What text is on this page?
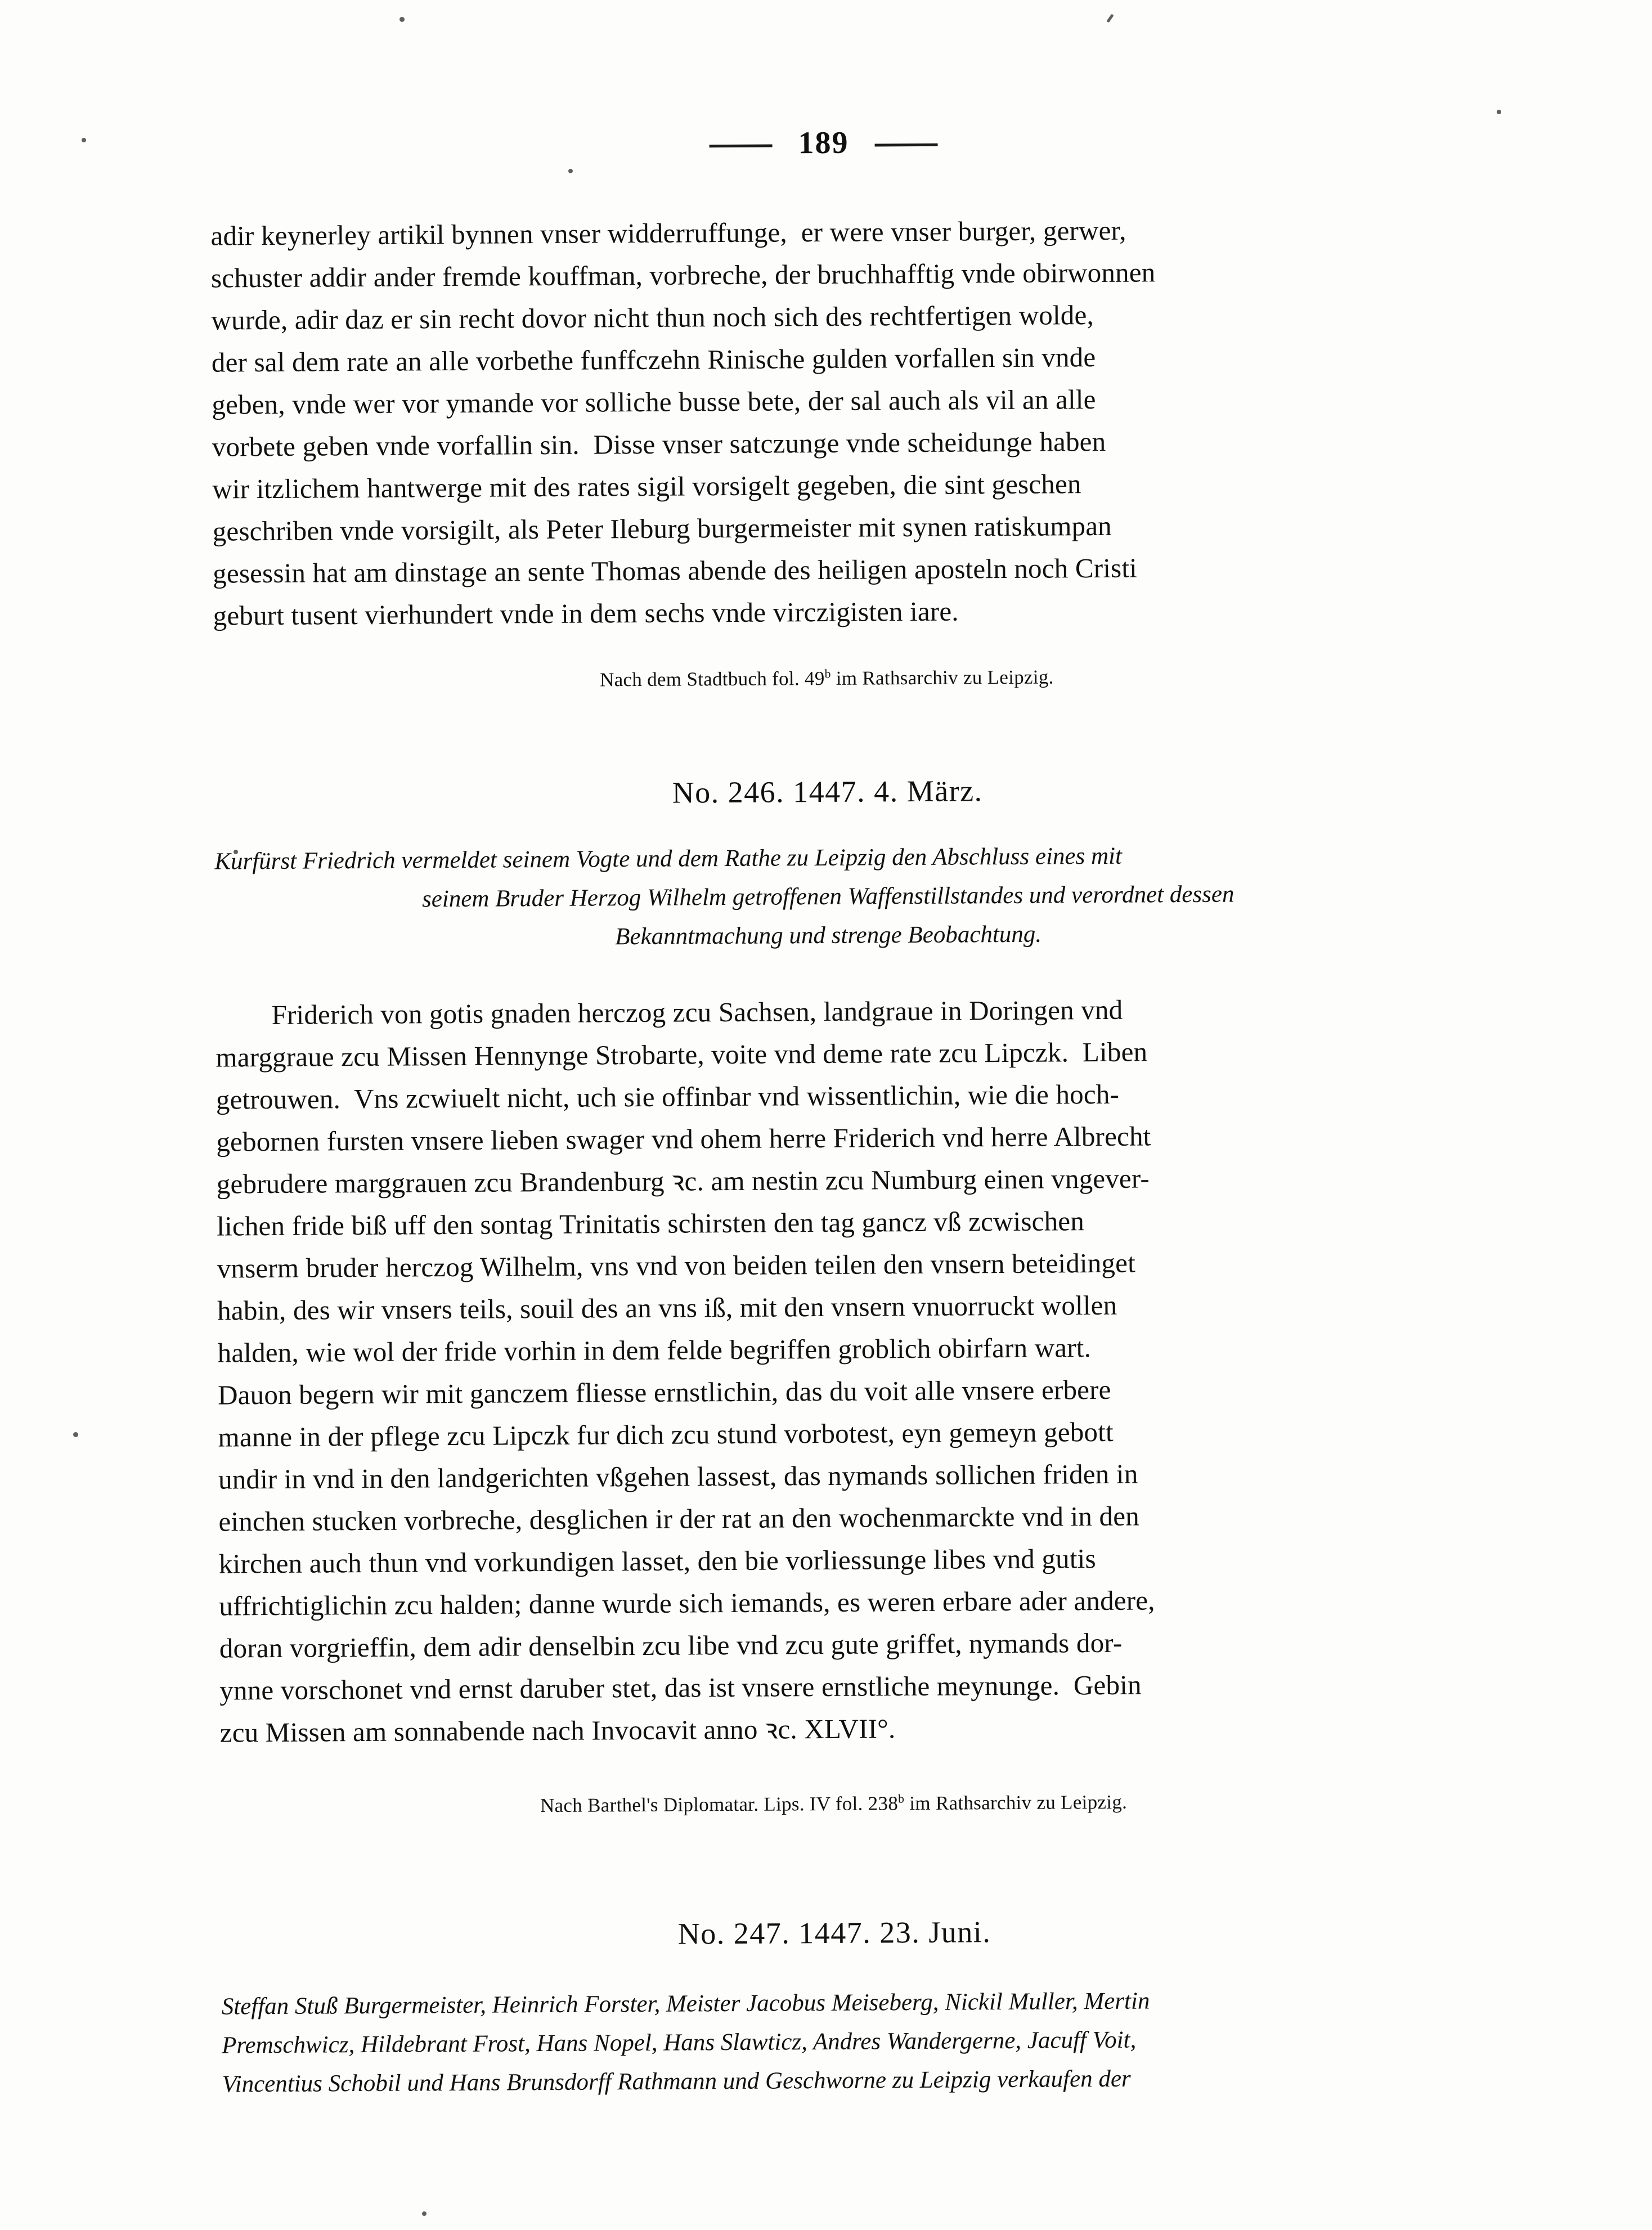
189
adir keynerley artikil bynnen vnser widderruffunge,  er were vnser burger, gerwer,
schuster addir ander fremde kouffman, vorbreche, der bruchhafftig vnde obirwonnen
wurde, adir daz er sin recht dovor nicht thun noch sich des rechtfertigen wolde,
der sal dem rate an alle vorbethe funffczehn Rinische gulden vorfallen sin vnde
geben, vnde wer vor ymande vor solliche busse bete, der sal auch als vil an alle
vorbete geben vnde vorfallin sin.  Disse vnser satczunge vnde scheidunge haben
wir itzlichem hantwerge mit des rates sigil vorsigelt gegeben, die sint geschen
geschriben vnde vorsigilt, als Peter Ileburg burgermeister mit synen ratiskumpan
gesessin hat am dinstage an sente Thomas abende des heiligen aposteln noch Cristi
geburt tusent vierhundert vnde in dem sechs vnde virczigisten iare.
Nach dem Stadtbuch fol. 49$^b$ im Rathsarchiv zu Leipzig.
No. 246. 1447. 4. März.
Kurfürst Friedrich vermeldet seinem Vogte und dem Rathe zu Leipzig den Abschluss eines mit
seinem Bruder Herzog Wilhelm getroffenen Waffenstillstandes und verordnet dessen
Bekanntmachung und strenge Beobachtung.
Friderich von gotis gnaden herczog zcu Sachsen, landgraue in Doringen vnd
marggraue zcu Missen Hennynge Strobarte, voite vnd deme rate zcu Lipczk.  Liben
getrouwen.  Vns zcwiuelt nicht, uch sie offinbar vnd wissentlichin, wie die hoch-
gebornen fursten vnsere lieben swager vnd ohem herre Friderich vnd herre Albrecht
gebrudere marggrauen zcu Brandenburg ꝛc. am nestin zcu Numburg einen vngever-
lichen fride biß uff den sontag Trinitatis schirsten den tag gancz vß zcwischen
vnserm bruder herczog Wilhelm, vns vnd von beiden teilen den vnsern beteidinget
habin, des wir vnsers teils, souil des an vns iß, mit den vnsern vnuorruckt wollen
halden, wie wol der fride vorhin in dem felde begriffen groblich obirfarn wart.
Dauon begern wir mit ganczem fliesse ernstlichin, das du voit alle vnsere erbere
manne in der pflege zcu Lipczk fur dich zcu stund vorbotest, eyn gemeyn gebott
undir in vnd in den landgerichten vßgehen lassest, das nymands sollichen friden in
einchen stucken vorbreche, desglichen ir der rat an den wochenmarckte vnd in den
kirchen auch thun vnd vorkundigen lasset, den bie vorliessunge libes vnd gutis
uffrichtiglichin zcu halden; danne wurde sich iemands, es weren erbare ader andere,
doran vorgrieffin, dem adir denselbin zcu libe vnd zcu gute griffet, nymands dor-
ynne vorschonet vnd ernst daruber stet, das ist vnsere ernstliche meynunge.  Gebin
zcu Missen am sonnabende nach Invocavit anno ꝛc. XLVII°.
Nach Barthel's Diplomatar. Lips. IV fol. 238$^b$ im Rathsarchiv zu Leipzig.
No. 247. 1447. 23. Juni.
Steffan Stuß Burgermeister, Heinrich Forster, Meister Jacobus Meiseberg, Nickil Muller, Mertin
Premschwicz, Hildebrant Frost, Hans Nopel, Hans Slawticz, Andres Wandergerne, Jacuff Voit,
Vincentius Schobil und Hans Brunsdorff Rathmann und Geschworne zu Leipzig verkaufen der
